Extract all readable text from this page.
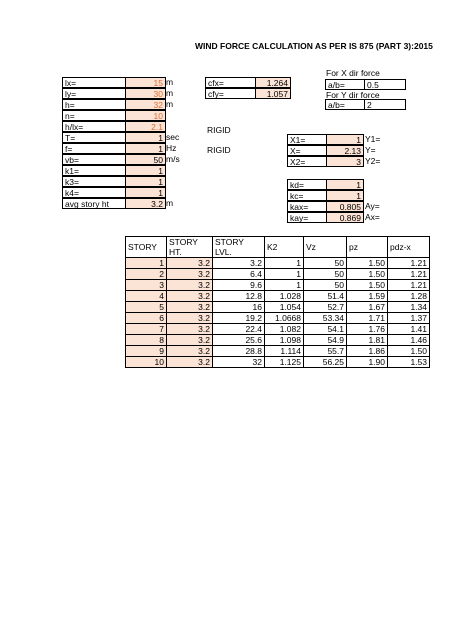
WIND FORCE CALCULATION AS PER IS 875 (PART 3):2015
lx=	15 m
ly=	30 m
h=	32 m
n=	10
h/lx=	2.1
T=	1 sec
f=	1 Hz
vb=	50 m/s
k1=	1
k3=	1
k4=	1
avg story ht	3.2 m
cfx=	1.264
cfy=	1.057
RIGID
RIGID
For X dir force
a/b=	0.5
For Y dir force
a/b=	2
X1=	1 Y1=
X=	2.13 Y=
X2=	3 Y2=
kd=	1
kc=	1
kax=	0.805 Ay=
kay=	0.869 Ax=
STORY	STORY HT.	STORY LVL.	K2	Vz	pz	pdz-x
1	3.2	3.2	1	50	1.50	1.21
2	3.2	6.4	1	50	1.50	1.21
3	3.2	9.6	1	50	1.50	1.21
4	3.2	12.8	1.028	51.4	1.59	1.28
5	3.2	16	1.054	52.7	1.67	1.34
6	3.2	19.2	1.0668	53.34	1.71	1.37
7	3.2	22.4	1.082	54.1	1.76	1.41
8	3.2	25.6	1.098	54.9	1.81	1.46
9	3.2	28.8	1.114	55.7	1.86	1.50
10	3.2	32	1.125	56.25	1.90	1.53
